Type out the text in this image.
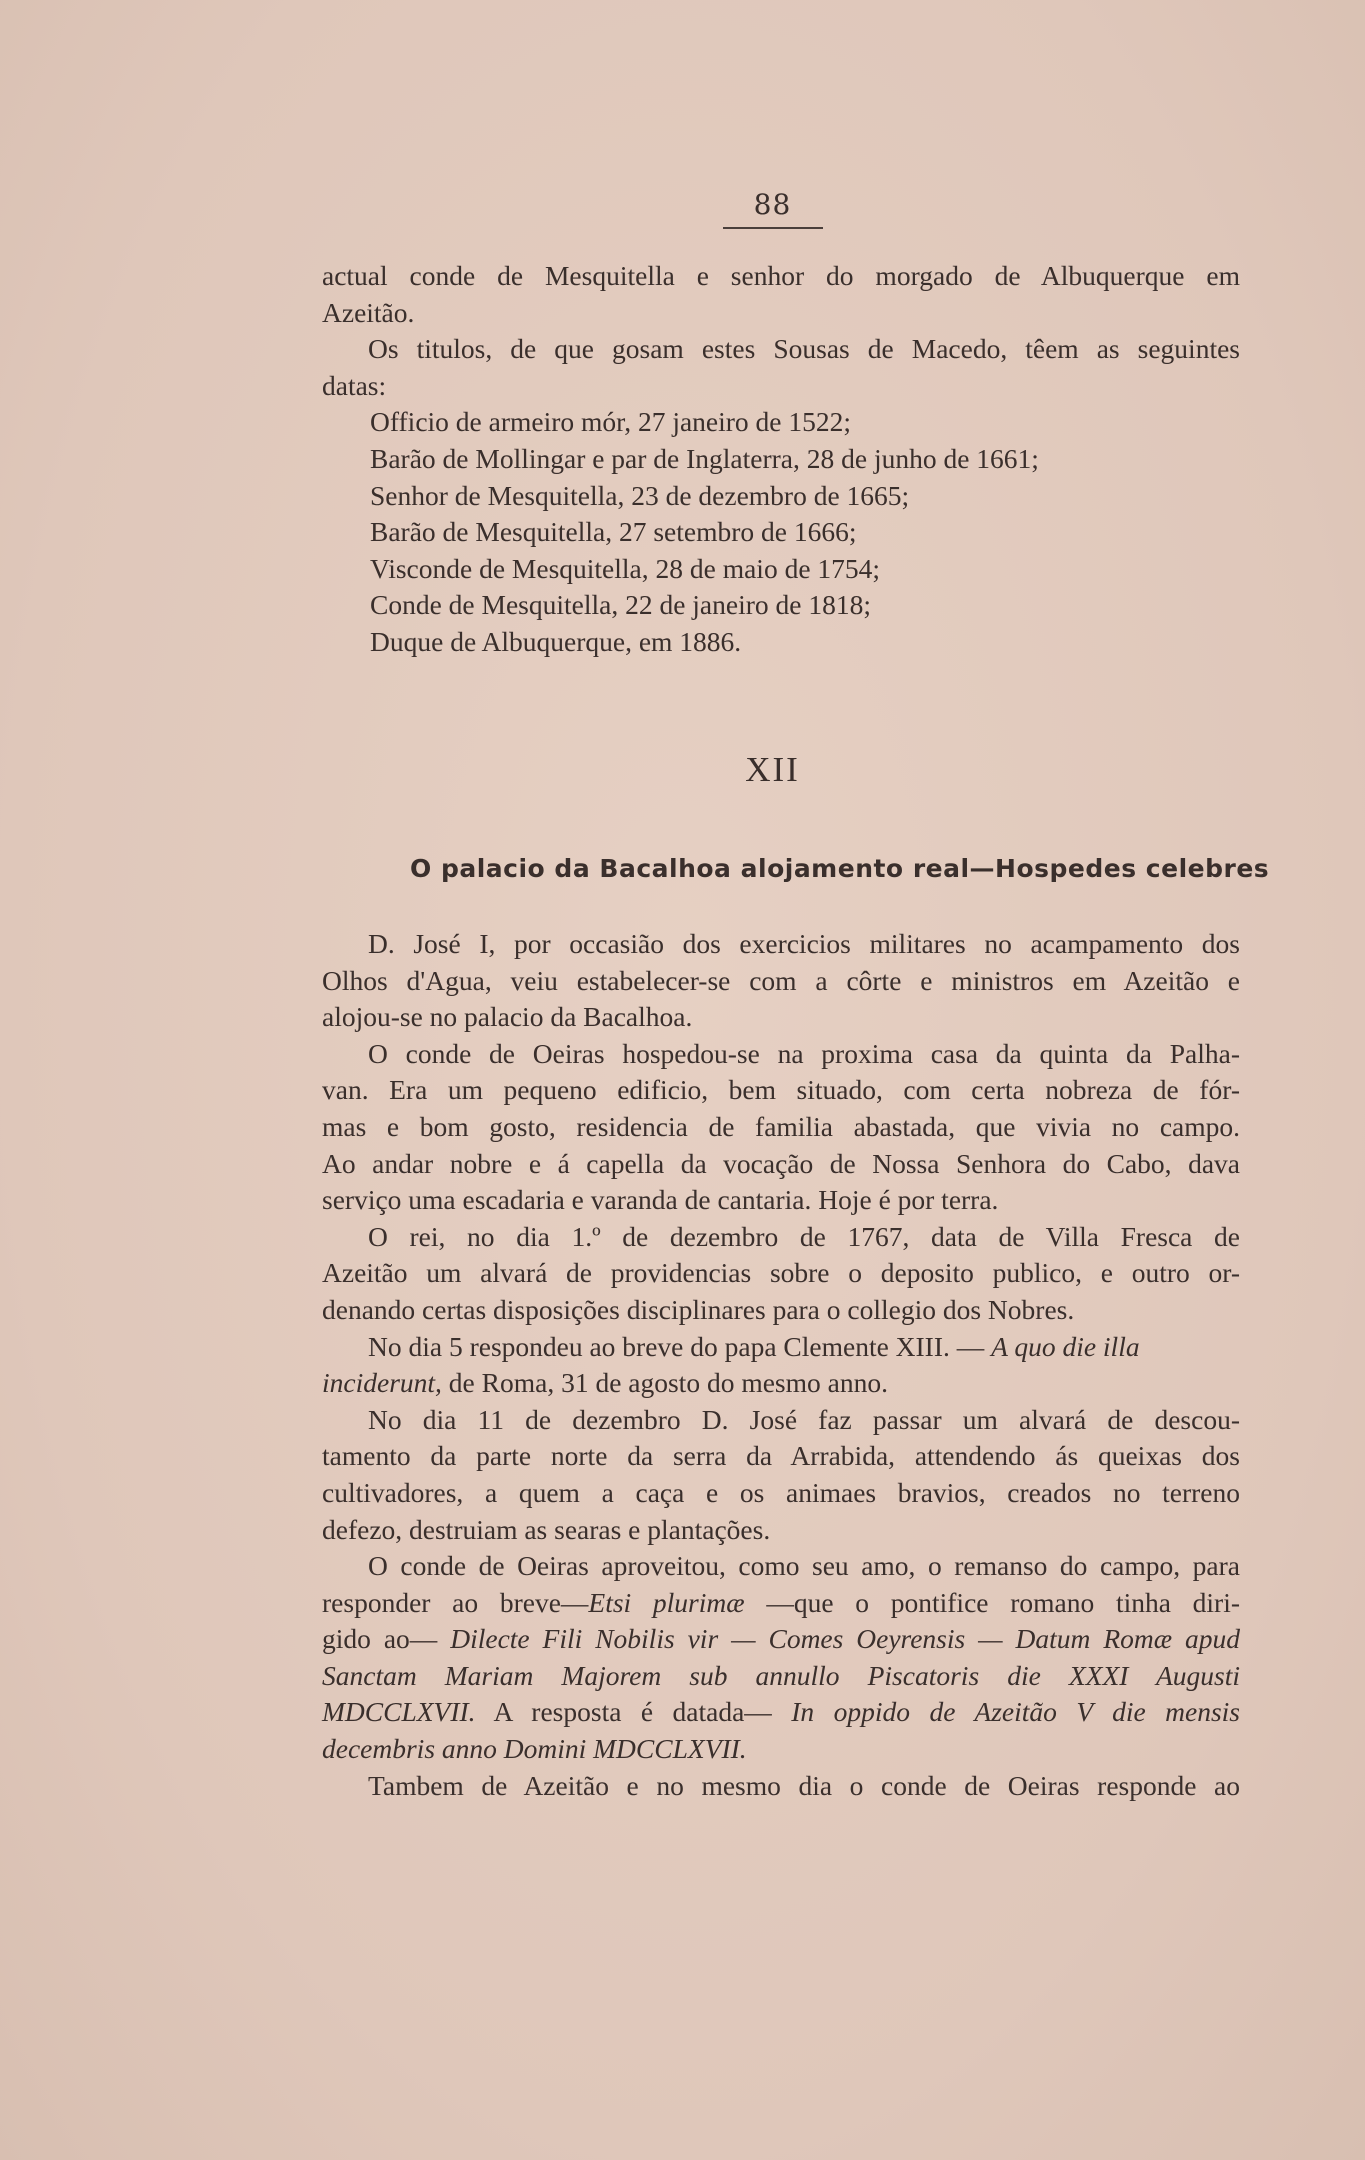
88
actual conde de Mesquitella e senhor do morgado de Albuquerque em
Azeitão.
Os titulos, de que gosam estes Sousas de Macedo, têem as seguintes
datas:
Officio de armeiro mór, 27 janeiro de 1522;
Barão de Mollingar e par de Inglaterra, 28 de junho de 1661;
Senhor de Mesquitella, 23 de dezembro de 1665;
Barão de Mesquitella, 27 setembro de 1666;
Visconde de Mesquitella, 28 de maio de 1754;
Conde de Mesquitella, 22 de janeiro de 1818;
Duque de Albuquerque, em 1886.
XII
O palacio da Bacalhoa alojamento real—Hospedes celebres
D. José I, por occasião dos exercicios militares no acampamento dos
Olhos d'Agua, veiu estabelecer-se com a côrte e ministros em Azeitão e
alojou-se no palacio da Bacalhoa.
O conde de Oeiras hospedou-se na proxima casa da quinta da Palha-
van. Era um pequeno edificio, bem situado, com certa nobreza de fór-
mas e bom gosto, residencia de familia abastada, que vivia no campo.
Ao andar nobre e á capella da vocação de Nossa Senhora do Cabo, dava
serviço uma escadaria e varanda de cantaria. Hoje é por terra.
O rei, no dia 1.º de dezembro de 1767, data de Villa Fresca de
Azeitão um alvará de providencias sobre o deposito publico, e outro or-
denando certas disposições disciplinares para o collegio dos Nobres.
No dia 5 respondeu ao breve do papa Clemente XIII. — A quo die illa
inciderunt, de Roma, 31 de agosto do mesmo anno.
No dia 11 de dezembro D. José faz passar um alvará de descou-
tamento da parte norte da serra da Arrabida, attendendo ás queixas dos
cultivadores, a quem a caça e os animaes bravios, creados no terreno
defezo, destruiam as searas e plantações.
O conde de Oeiras aproveitou, como seu amo, o remanso do campo, para
responder ao breve—Etsi plurimæ —que o pontifice romano tinha diri-
gido ao— Dilecte Fili Nobilis vir — Comes Oeyrensis — Datum Romæ apud
Sanctam Mariam Majorem sub annullo Piscatoris die XXXI Augusti
MDCCLXVII. A resposta é datada— In oppido de Azeitão V die mensis
decembris anno Domini MDCCLXVII.
Tambem de Azeitão e no mesmo dia o conde de Oeiras responde ao
